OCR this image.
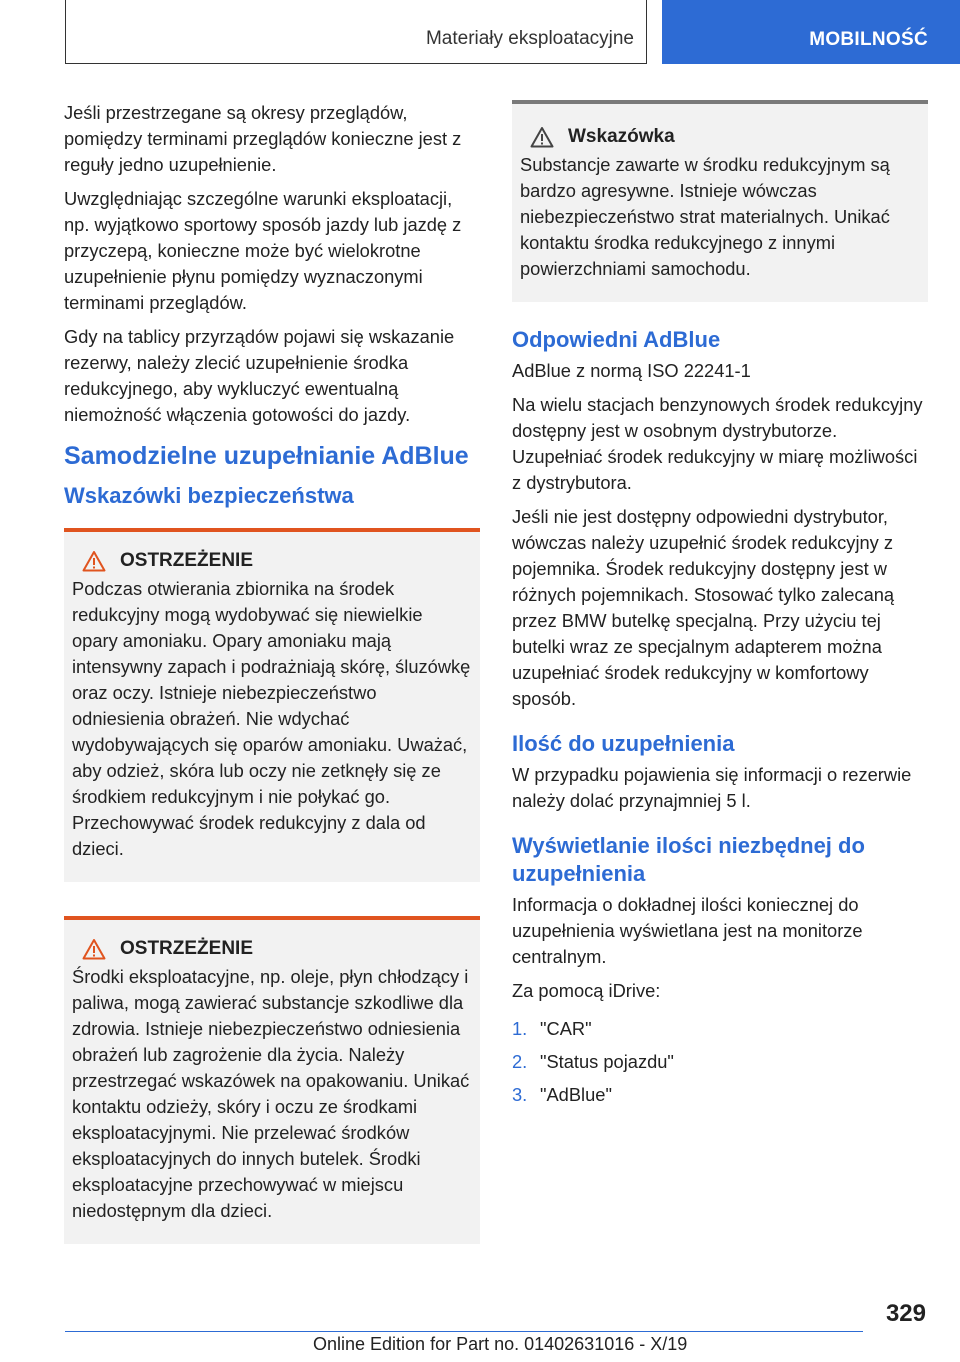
Materiały eksploatacyjne	MOBILNOŚĆ

Jeśli przestrzegane są okresy przeglądów, pomiędzy terminami przeglądów konieczne jest z reguły jedno uzupełnienie.

Uwzględniając szczególne warunki eksploatacji, np. wyjątkowo sportowy sposób jazdy lub jazdę z przyczepą, konieczne może być wielokrotne uzupełnienie płynu pomiędzy wyznaczonymi terminami przeglądów.

Gdy na tablicy przyrządów pojawi się wskazanie rezerwy, należy zlecić uzupełnienie środka redukcyjnego, aby wykluczyć ewentualną niemożność włączenia gotowości do jazdy.

Samodzielne uzupełnianie AdBlue
Wskazówki bezpieczeństwa
OSTRZEŻENIE

Podczas otwierania zbiornika na środek redukcyjny mogą wydobywać się niewielkie opary amoniaku. Opary amoniaku mają intensywny zapach i podrażniają skórę, śluzówkę oraz oczy. Istnieje niebezpieczeństwo odniesienia obrażeń. Nie wdychać wydobywających się oparów amoniaku. Uważać, aby odzież, skóra lub oczy nie zetknęły się ze środkiem redukcyjnym i nie połykać go. Przechowywać środek redukcyjny z dala od dzieci.

OSTRZEŻENIE

Środki eksploatacyjne, np. oleje, płyn chłodzący i paliwa, mogą zawierać substancje szkodliwe dla zdrowia. Istnieje niebezpieczeństwo odniesienia obrażeń lub zagrożenie dla życia. Należy przestrzegać wskazówek na opakowaniu. Unikać kontaktu odzieży, skóry i oczu ze środkami eksploatacyjnymi. Nie przelewać środków eksploatacyjnych do innych butelek. Środki eksploatacyjne przechowywać w miejscu niedostępnym dla dzieci.

Wskazówka

Substancje zawarte w środku redukcyjnym są bardzo agresywne. Istnieje wówczas niebezpieczeństwo strat materialnych. Unikać kontaktu środka redukcyjnego z innymi powierzchniami samochodu.

Odpowiedni AdBlue

AdBlue z normą ISO 22241-1

Na wielu stacjach benzynowych środek redukcyjny dostępny jest w osobnym dystrybutorze. Uzupełniać środek redukcyjny w miarę możliwości z dystrybutora.

Jeśli nie jest dostępny odpowiedni dystrybutor, wówczas należy uzupełnić środek redukcyjny z pojemnika. Środek redukcyjny dostępny jest w różnych pojemnikach. Stosować tylko zalecaną przez BMW butelkę specjalną. Przy użyciu tej butelki wraz ze specjalnym adapterem można uzupełniać środek redukcyjny w komfortowy sposób.

Ilość do uzupełnienia

W przypadku pojawienia się informacji o rezerwie należy dolać przynajmniej 5 l.

Wyświetlanie ilości niezbędnej do uzupełnienia

Informacja o dokładnej ilości koniecznej do uzupełnienia wyświetlana jest na monitorze centralnym.

Za pomocą iDrive:

1. "CAR"
2. "Status pojazdu"
3. "AdBlue"
329
Online Edition for Part no. 01402631016 - X/19
